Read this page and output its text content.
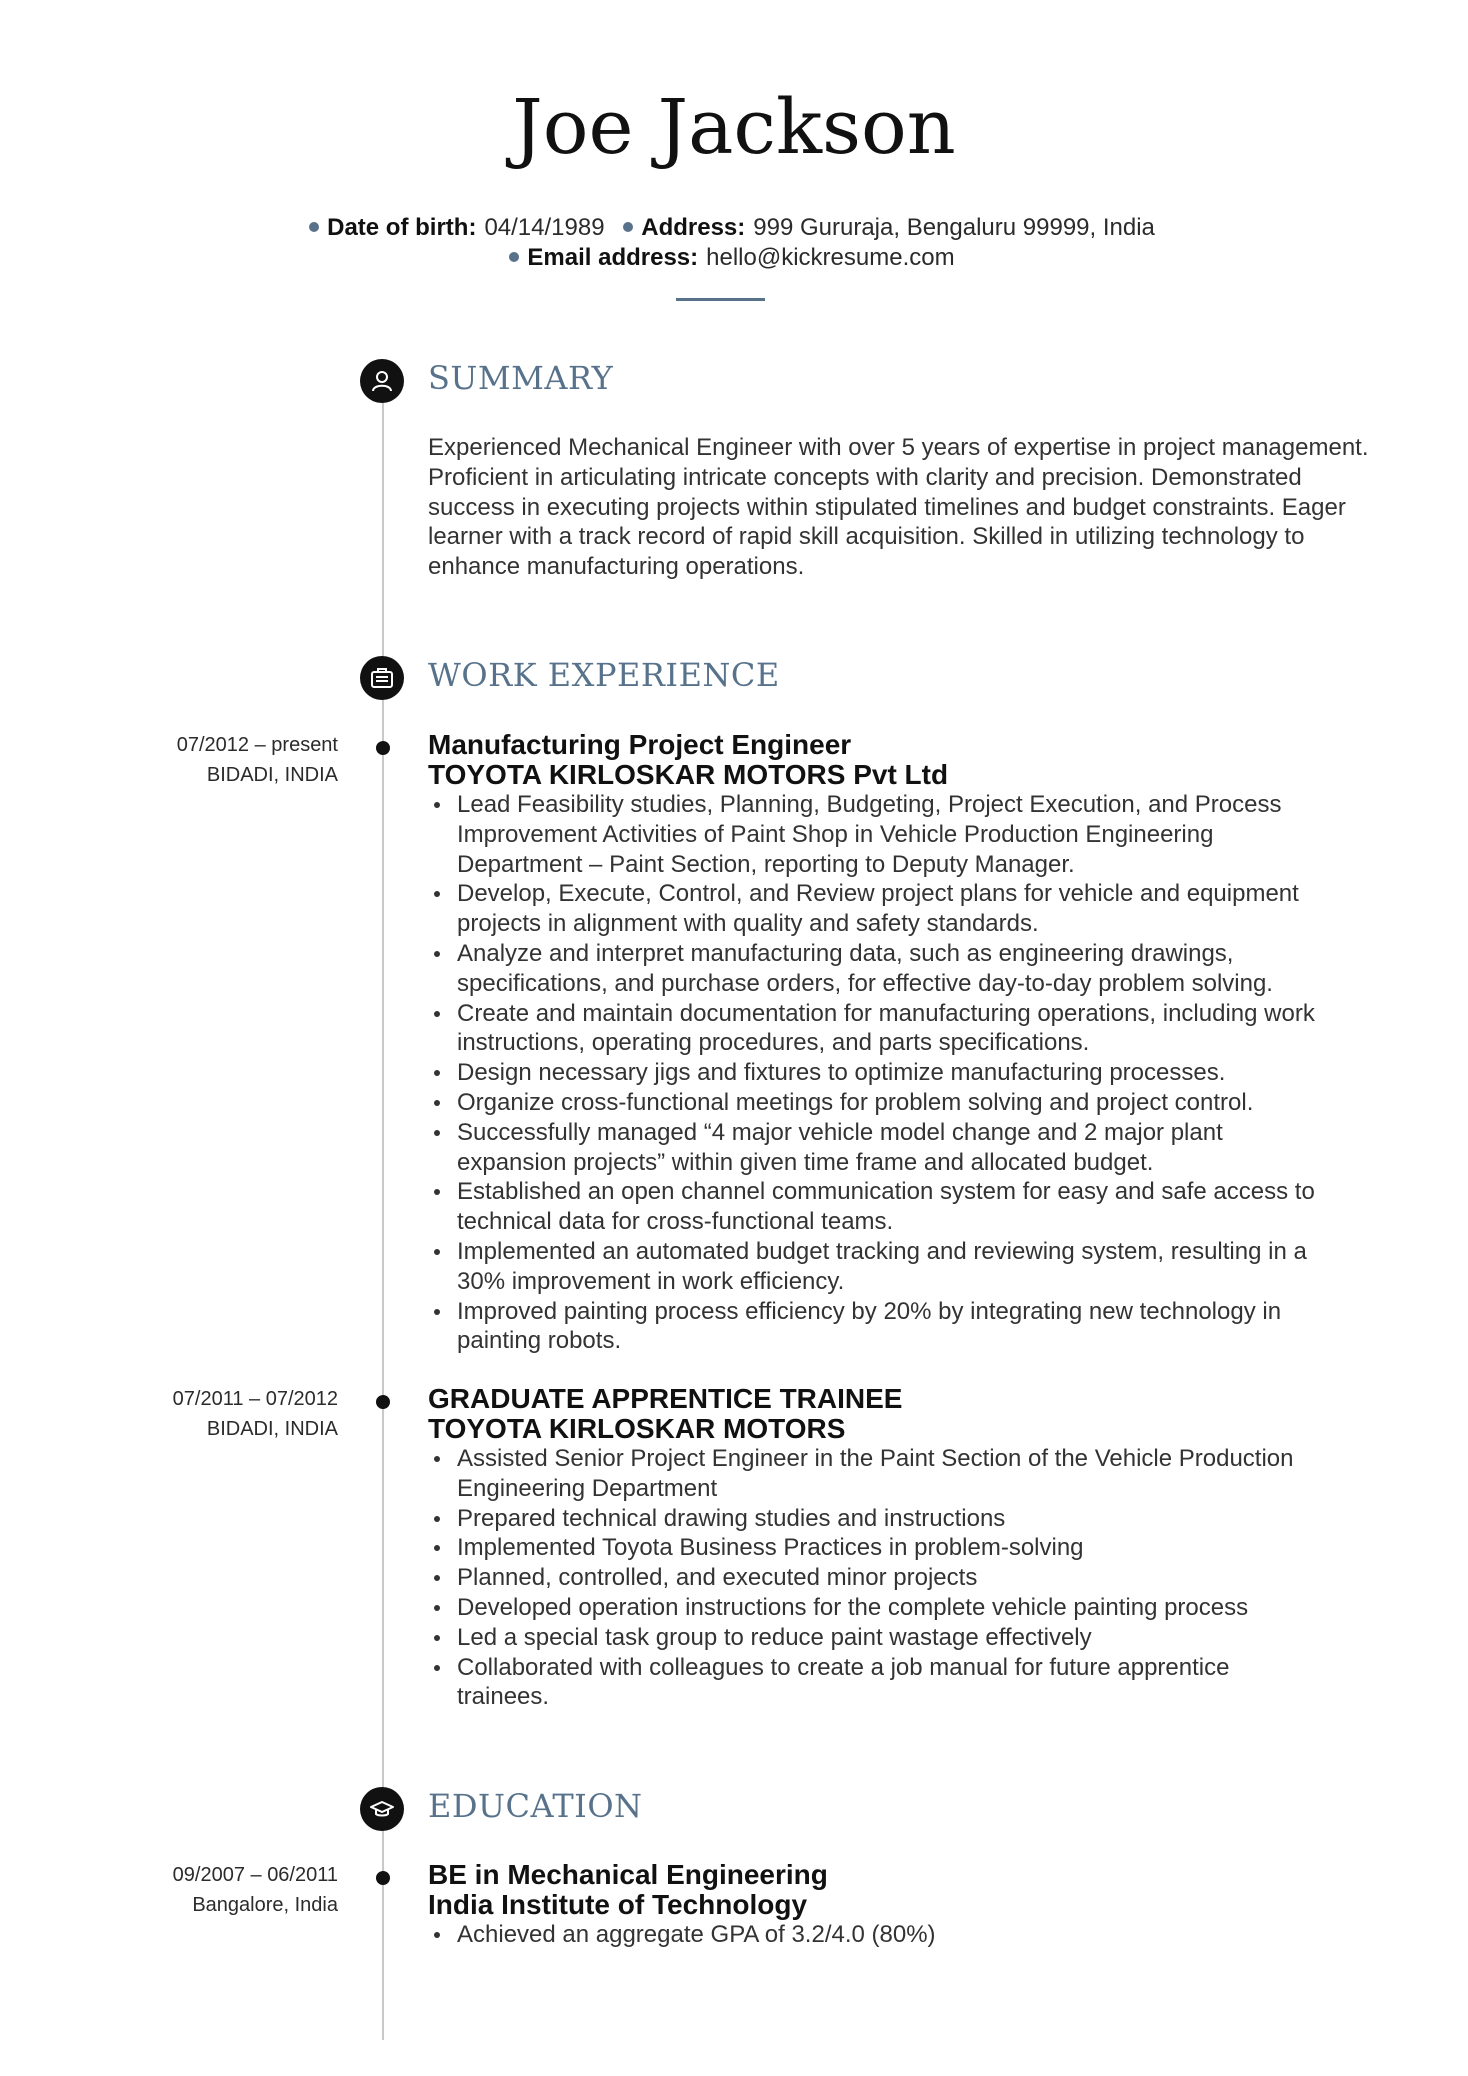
Joe Jackson
Date of birth: 04/14/1989 Address: 999 Gururaja, Bengaluru 99999, India
Email address: hello@kickresume.com
SUMMARY
Experienced Mechanical Engineer with over 5 years of expertise in project management. Proficient in articulating intricate concepts with clarity and precision. Demonstrated success in executing projects within stipulated timelines and budget constraints. Eager learner with a track record of rapid skill acquisition. Skilled in utilizing technology to enhance manufacturing operations.
WORK EXPERIENCE
07/2012 – present
BIDADI, INDIA
Manufacturing Project Engineer
TOYOTA KIRLOSKAR MOTORS Pvt Ltd
Lead Feasibility studies, Planning, Budgeting, Project Execution, and Process Improvement Activities of Paint Shop in Vehicle Production Engineering Department – Paint Section, reporting to Deputy Manager.
Develop, Execute, Control, and Review project plans for vehicle and equipment projects in alignment with quality and safety standards.
Analyze and interpret manufacturing data, such as engineering drawings, specifications, and purchase orders, for effective day-to-day problem solving.
Create and maintain documentation for manufacturing operations, including work instructions, operating procedures, and parts specifications.
Design necessary jigs and fixtures to optimize manufacturing processes.
Organize cross-functional meetings for problem solving and project control.
Successfully managed “4 major vehicle model change and 2 major plant expansion projects” within given time frame and allocated budget.
Established an open channel communication system for easy and safe access to technical data for cross-functional teams.
Implemented an automated budget tracking and reviewing system, resulting in a 30% improvement in work efficiency.
Improved painting process efficiency by 20% by integrating new technology in painting robots.
07/2011 – 07/2012
BIDADI, INDIA
GRADUATE APPRENTICE TRAINEE
TOYOTA KIRLOSKAR MOTORS
Assisted Senior Project Engineer in the Paint Section of the Vehicle Production Engineering Department
Prepared technical drawing studies and instructions
Implemented Toyota Business Practices in problem-solving
Planned, controlled, and executed minor projects
Developed operation instructions for the complete vehicle painting process
Led a special task group to reduce paint wastage effectively
Collaborated with colleagues to create a job manual for future apprentice trainees.
EDUCATION
09/2007 – 06/2011
Bangalore, India
BE in Mechanical Engineering
India Institute of Technology
Achieved an aggregate GPA of 3.2/4.0 (80%)
